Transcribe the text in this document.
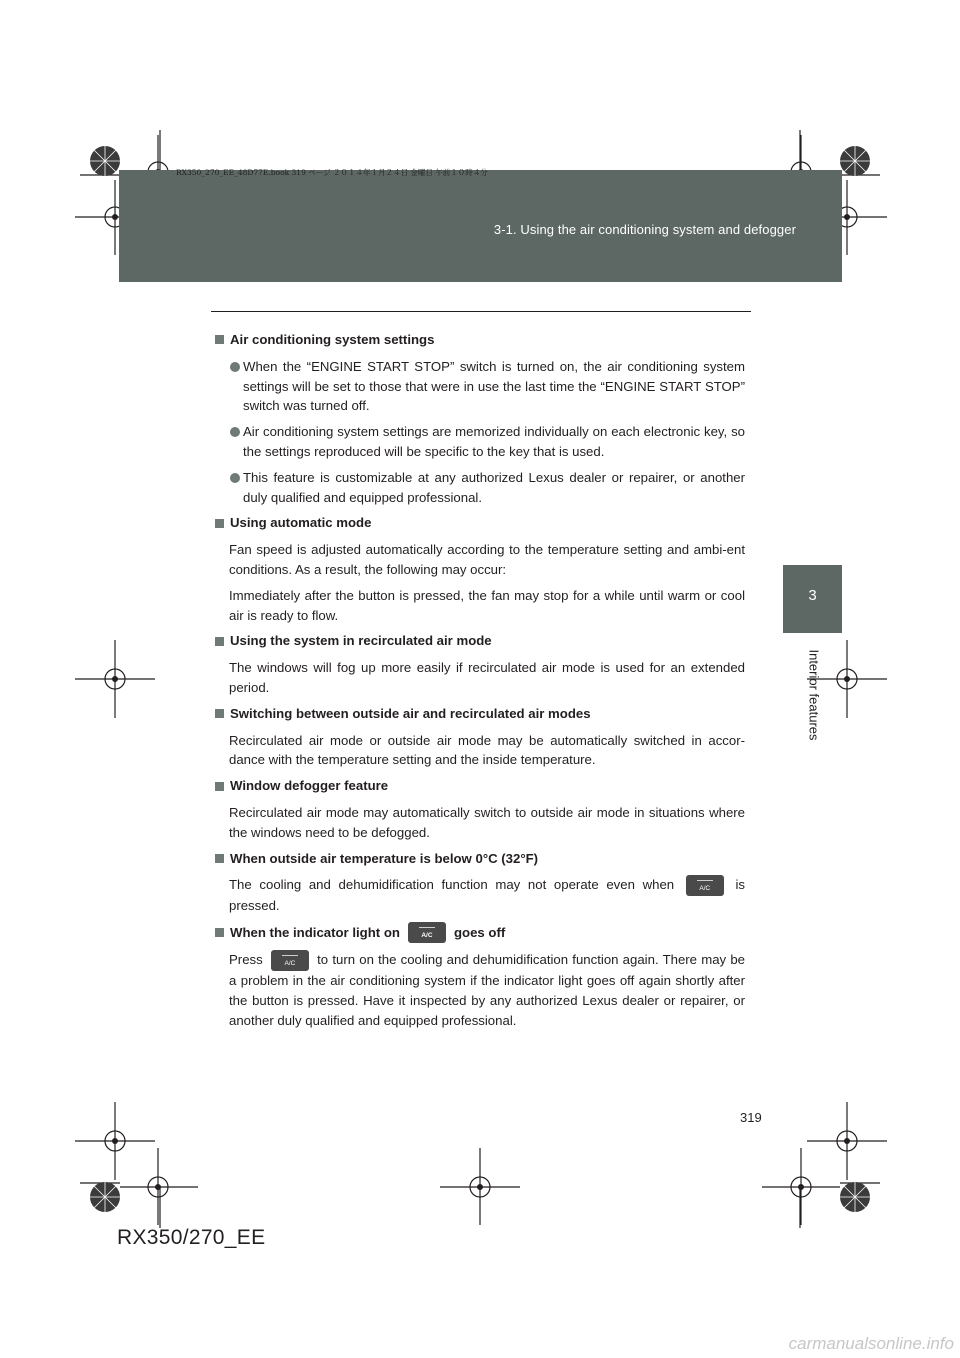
3-1. Using the air conditioning system and defogger
RX350_270_EE_48D77E.book 319 ページ ２０１４年１月２４日 金曜日 午前１０時４分
3
Interior features
Air conditioning system settings
When the “ENGINE START STOP” switch is turned on, the air conditioning system settings will be set to those that were in use the last time the “ENGINE START STOP” switch was turned off.
Air conditioning system settings are memorized individually on each electronic key, so the settings reproduced will be specific to the key that is used.
This feature is customizable at any authorized Lexus dealer or repairer, or another duly qualified and equipped professional.
Using automatic mode

Fan speed is adjusted automatically according to the temperature setting and ambi-ent conditions. As a result, the following may occur:

Immediately after the button is pressed, the fan may stop for a while until warm or cool air is ready to flow.

Using the system in recirculated air mode

The windows will fog up more easily if recirculated air mode is used for an extended period.

Switching between outside air and recirculated air modes

Recirculated air mode or outside air mode may be automatically switched in accor-dance with the temperature setting and the inside temperature.

Window defogger feature

Recirculated air mode may automatically switch to outside air mode in situations where the windows need to be defogged.

When outside air temperature is below 0°C (32°F)

The cooling and dehumidification function may not operate even when	A/C is pressed.

When the indicator light on	A/C	goes off

Press	A/C to turn on the cooling and dehumidification function again. There may be a problem in the air conditioning system if the indicator light goes off again shortly after the button is pressed. Have it inspected by any authorized Lexus dealer or repairer, or another duly qualified and equipped professional.

319
RX350/270_EE
carmanualsonline.info
